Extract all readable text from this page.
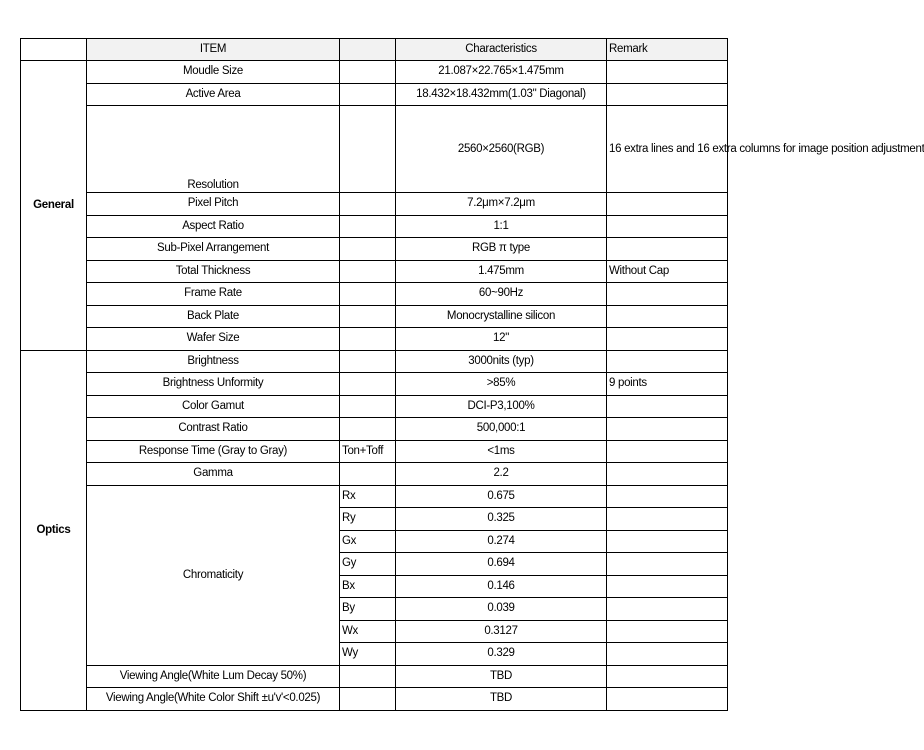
	ITEM		Characteristics	Remark
General	Moudle Size		21.087×22.765×1.475mm	
	Active Area		18.432×18.432mm(1.03" Diagonal)	
	Resolution		2560×2560(RGB)	16 extra lines and 16 extra columns for image position adjustment
	Pixel Pitch		7.2μm×7.2μm	
	Aspect Ratio		1:1	
	Sub-Pixel Arrangement		RGB π type	
	Total Thickness		1.475mm	Without Cap
	Frame Rate		60~90Hz	
	Back Plate		Monocrystalline silicon	
	Wafer Size		12"	
Optics	Brightness		3000nits (typ)	
	Brightness Unformity		>85%	9 points
	Color Gamut		DCI-P3,100%	
	Contrast Ratio		500,000:1	
	Response Time (Gray to Gray)	Ton+Toff	<1ms	
	Gamma		2.2	
	Chromaticity	Rx	0.675	
		Ry	0.325	
		Gx	0.274	
		Gy	0.694	
		Bx	0.146	
		By	0.039	
		Wx	0.3127	
		Wy	0.329	
	Viewing Angle(White Lum Decay 50%)		TBD	
	Viewing Angle(White Color Shift ±u'v'<0.025)		TBD	
